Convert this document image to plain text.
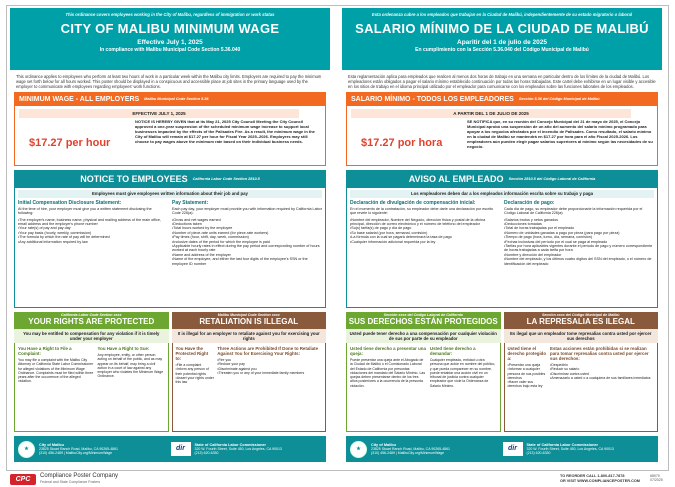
This ordinance covers employees working in the City of Malibu, regardless of immigration or work status
CITY OF MALIBU MINIMUM WAGE
Effective July 1, 2025
In compliance with Malibu Municipal Code Section 5.36.040
This ordinance applies to employees who perform at least two hours of work in a particular week within the Malibu city limits. Employers are required to pay the minimum wage set forth below for all hours worked. This poster should be displayed in a conspicuous and accessible place at job sites in the primary language used by the employer to communicate with employees regarding employees' work functions.
MINIMUM WAGE - ALL EMPLOYERS Malibu Municipal Code Section 5.36
EFFECTIVE JULY 1, 2025
$17.27 per hour
NOTICE IS HEREBY GIVEN that at its May 21, 2025 City Council Meeting the City Council approved a one-year suspension of the scheduled minimum wage increase to support local businesses impacted by the effects of the Palisades Fire. As a result, the minimum wage in the City of Malibu will remain at $17.27 per hour for Fiscal Year 2025–2026. Employers may still choose to pay wages above the minimum rate based on their individual business needs.
NOTICE TO EMPLOYEES California Labor Code Section 2810.5
Employees must give employees written information about their job and pay
Initial Compensation Disclosure Statement:

At the time of hire, your employer must give you a written statement disclosing the following:

• The employer's name, business name, physical and mailing address of the main office, email address and the employer's phone number
• Your rate(s) of pay and pay day
• Your pay basis (hourly, weekly, commission)
• The formula by which the rate of pay will be determined
• Any additional information required by law
Pay Statement:

Each pay day, your employer must provide you with information required by California Labor Code 226(a):

• Gross and net wages earned
• Deductions taken
• Total hours worked by the employee
• Number of piece-rate units earned (for piece-rate workers)
• Pay times (hour, shift, day, week, commission)
• Inclusive dates of the period for which the employee is paid
• Applicable hourly rates in effect during the pay period and corresponding number of hours worked at each hourly rate
• Name and address of the employer
• Name of the employee, and either the last four digits of the employee's SSN or the employee ID number
California Labor Code Section xxxx
YOUR RIGHTS ARE PROTECTED
You may be entitled to compensation for any violation if it is timely under your employer
You Have a Right to File a Complaint:

You may file a complaint with the Malibu City Attorney or California State Labor Commissioner for alleged violations of the Minimum Wage Ordinance. Complaints must be filed within three years after the occurrence of the alleged violation.

You Have a Right to Sue:

Any employee, entity, or other person acting on behalf of the public, and as may appear on its behalf, may bring a civil action in a court of law against any employer who violates the Minimum Wage Ordinance.

Malibu Municipal Code Section xxxx
RETALIATION IS ILLEGAL
It is illegal for an employer to retaliate against you for exercising your rights
You Have the Protected Right to:
• File a complaint
• Inform any person of their potential rights
• Assert your rights under this law
Three Actions are Prohibited If Done to Retaliate Against You for Exercising Your Rights:
• Fire you
• Reduce your pay
• Discriminate against you
• Threaten you or any of your immediate family members
★
City of Malibu
23825 Stuart Ranch Road, Malibu, CA 90265-4861
(310) 456-2489 | MalibuCity.org/MinimumWage
dir
State of California Labor Commissioner
320 W. Fourth Street, Suite 450, Los Angeles, CA 90013
(213) 620-6330
Esta ordenanza cubre a los empleados que trabajan en la Ciudad de Malibú, independientemente de su estado migratorio o laboral
SALARIO MÍNIMO DE LA CIUDAD DE MALIBÚ
Aparitir del 1 de julio de 2025
En cumplimiento con la Sección 5.36.040 del Código Municipal de Malibú
Esta reglamentación aplica para empleados que realicen al menos dos horas de trabajo en una semana en particular dentro de los límites de la ciudad de Malibú. Los empleadores están obligados a pagar el salario mínimo establecido continuación por todas las horas trabajadas. Este cartel debe exhibirse en un lugar visible y accesible en los sitios de trabajo en el idioma principal utilizado por el empleador para comunicarse con los empleados sobre las funciones laborales de los empleados.
SALARIO MÍNIMO - TODOS LOS EMPLEADORES Sección 5.36 del Código Municipal de Malibú
A PARTIR DEL 1 DE JULIO DE 2025
$17.27 por hora
SE NOTIFICA que, en su reunión del Concejo Municipal del 21 de mayo de 2025, el Concejo Municipal aprobó una suspensión de un año del aumento del salario mínimo programado para apoyar a los negocios afectados por el incendio de Palisades. Como resultado, el salario mínimo en la ciudad de Malibú se mantendrá en $17.27 por hora para el año Fiscal 2025-2026. Los empleadores aún pueden elegir pagar salarios superiores al mínimo según las necesidades de su negocio.
AVISO AL EMPLEADO Sección 2810.5 del Código Laboral de California
Los empleadores deben dar a los empleados información escrita sobre su trabajo y paga
Declaración de divulgación de compensación inicial:

En el momento de la contratación, su empleador debe darle una declaración por escrito que revele lo siguiente:

• Nombre del empleador, Nombre del Negocio, dirección física y postal de la oficina principal, dirección de correo electrónico y el número de teléfono del empleador
• Su(s) tarifa(s) de pago y día de pago
• Su base salarial (por hora, semanal, comisión)
• La fórmula con la cual se pagará determinará la tasa de pago
• Cualquier información adicional requerida por la ley
Declaración de pago:

Cada día de pago, su empleador debe proporcionarle la información requerida por el Código Laboral de California 226(a):

• Salarios brutos y netos ganados
• Deducciones tomadas
• Total de horas trabajadas por el empleado
• Número de unidades ganadas a pago por pieza (para pago por pieza)
• Tiempo de pago (hora, turno, día, semana, comisión)
• Fechas inclusivas del período por el cual se paga al empleado
• Tarifas por hora aplicables vigentes durante el período de pago y número correspondiente de horas trabajadas a cada tarifa por hora
• Nombre y dirección del empleador
• Nombre del empleado, y los últimos cuatro dígitos del SSN del empleado, o el número de identificación del empleado
Sección xxxx del Código Laboral de California
SUS DERECHOS ESTÁN PROTEGIDOS
Usted puede tener derecho a una compensación por cualquier violación de sus por parte de su empleador
Usted tiene derecho a presentar una queja:

Puede presentar una queja ante el Abogado de la Ciudad de Malibú o el Comisionado Laboral del Estado de California por presuntas violaciones del mandato del Salario Mínimo. Las quejas deben presentarse dentro de los tres años posteriores a la ocurrencia de la presunta violación.

Usted tiene derecho a demandar:

Cualquier empleado, entidad u otra persona que actúe en nombre del público, y que pueda comparecer en su nombre, puede entablar una acción civil en un tribunal de justicia contra cualquier empleador que viole la Ordenanza de Salario Mínimo.

Sección xxxx del Código Municipal de Malibú
LA REPRESALIA ES ILEGAL
Es ilegal que un empleador tome represalias contra usted por ejercer sus derechos
Usted tiene el derecho protegido a:
• Presentar una queja
• Informar a cualquier persona de sus posibles derechos
• Hacer valer sus derechos bajo esta ley
Estas acciones están prohibidas si se realizan para tomar represalias contra usted por ejercer sus derechos:
• Despedirlo
• Reducir su salario
• Discriminar contra usted
• Amenazarlo a usted o a cualquiera de sus familiares inmediatos
★
City of Malibu
23825 Stuart Ranch Road, Malibu, CA 90265-4861
(310) 456-2489 | MalibuCity.org/MinimumWage
dir
State of California Labor Commissioner
320 W. Fourth Street, Suite 450, Los Angeles, CA 90013
(213) 620-6330
CPC	Compliance Poster Company
Federal and State Compliance Posters
TO REORDER CALL 1-800-817-7878
OR VISIT WWW.COMPLIANCEPOSTER.COM
68979
07/2025
